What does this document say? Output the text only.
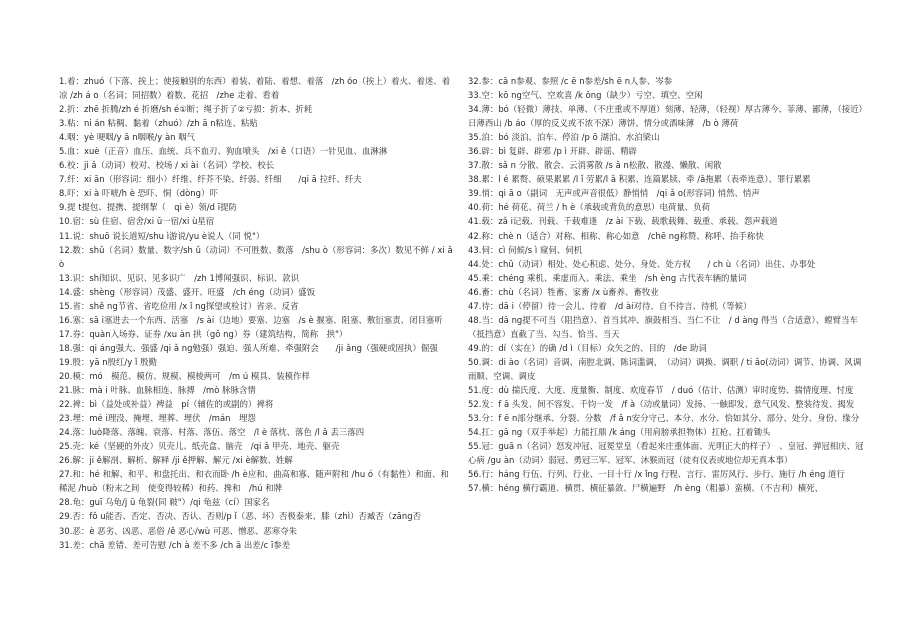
1.着：zhuó（下落、挨上；使接触别的东西）着装、着陆、着想、着落　/zh óo（挨上）着火、着迷、着凉 /zh á o（名词；同招数）着数、花招　/zhe 走着、看着

2.折：zhē 折腾/zh é 折磨/sh é①断；绳子折了②亏损：折本、折耗

3.粘：ni án 粘稠、黏着（zhuó）/zh ā n粘连、粘贴

4.咽：yè 哽咽/y ā n咽喉/y àn 咽气

5.血：xuè（正音）血压、血统、兵不血刃、狗血喷头　/xi ě（口语）一针见血、血淋淋

6.校：ji ǎ（动词）校对、校场 / xi ài（名词）学校、校长

7.纤：xi ān（形容词：细小）纤维、纤芥不染、纤弱、纤细　　/qi ā 拉纤、纤夫

8.吓：xi à 吓唬/h è 恐吓、恫（dòng）吓

9.提 t提包、提携、提纲挈（　qi è）领/d ī提防

10.宿：sù 住宿、宿舍/xi ǔ一宿/xi ù星宿

11.说：shuō 说长道短/shu ì游说/yu è说人（同 悦"）

12.数：shǔ（名词）数量、数字/sh ǔ（动词）不可胜数、数落　/shu ò（形容词：多次）数见不鲜 / xi ǎ ò

13.识：shí知识、见识、见多识广　/zh 1博闻强识、标识、款识

14.盛：shèng（形容词）茂盛、盛开、旺盛　/ch éng（动词）盛饭

15.省：shě ng节省、省吃俭用 /x ǐ ng探望或检讨）省亲、反省

16.塞：sā i塞进去一个东西、活塞　/s ài（边地）要塞、边塞　/s è 揠塞、阻塞、敷衍塞责、闭目塞听

17.券：quàn入场券、证券 /xu àn 拱（gǒ ng）券（建筑结构，简称　拱"）

18.强：qi áng强大、强盛 /qi ǎ ng勉强）强迫、强人所难、牵强附会　　/ji ǎng（强硬或固执）倔强

19.殷：yā n殷红/y ǐ 殷勤

20.模：mó　模范、模仿、规模、模棱两可　/m ú 模具、装模作样

21.脉：mà i 叶脉、血脉相连、脉搏　/mò 脉脉含情

22.裨：bì（益处或补益）裨益　pí（辅佐的或副的）裨将

23.埋：mé i理没、掩埋、埋葬、埋伏　/mán　埋怨

24.落：luò降落、落魄、衰落、村落、落伍、落空　/l è 落枕、落色 /l ǎ 丢三落四

25.壳：ké（坚硬的外皮）贝壳儿、纸壳盒、脑壳　/qi ǎ 甲壳、地壳、躯壳

26.解：ji ě解剖、解析、解释 /ji ě押解、解元 /xi è解数、姓解

27.和：hé 和解、和平、和盘托出、和衣而卧 /h è应和、曲高和寡、随声附和 /hu ó（有黏性）和面、和稀泥 /huò（粉末之间　使变得较稀）和药、搀和　/hú 和牌

28.龟：guī 乌龟/j ū 龟裂(同 皲"）/qi 龟兹（cí）国家名

29.否：fǒ u能否、否定、否决、否认、否则/p ǐ（恶、坏）否极泰来、膝（zhì）否臧否（zāng否

30.恶：è 恶劣、凶恶、恶俗 /ě 恶心/wù 可恶、憎恶、恶寒夺朱

31.差：chā 差错、差可告慰 /ch à 差不多 /ch ā 出差/c ī参差

32.参：cā n参观、参照 /c ē n参差/sh ē n人参、岑参

33.空：kō ng空气、空欢喜 /k ǒng（缺少）亏空、填空、空闲

34.薄：bó（轻微）薄技、单薄、（不庄重或不厚道）刻薄、轻薄，（轻视）厚古薄今、菲薄、鄙薄，（接近）日薄西山 /b áo（厚的反义或不浓不深）薄饼、情分或酒味薄　/b ò 薄荷

35.泊：bó 淡泊、泊车、停泊 /p ō 湖泊、水泊梁山

36.辟：bì 复辟、辟邪 /p ì 开辟、辟谣、精辟

37.散：sǎ n 分散、散会、云消雾散 /s ǎ n松散、散漫、懒散、闲散

38.累：l é 累赘、硕果累累 /l ǐ 劳累/l ǎ 积累、连篇累牍、牵 /ǎ拖累（表牵连意）、罪行累累

39.悄：qi ā o（副词　无声或声音很低）静悄悄　/qi ǎ o(形容词) 悄然、悄声

40.荷：hé 荷花、荷兰 / h è（承载或背负的意思）电荷量、负荷

41.载：zǎ i记载、刊载、千载难逢　/z ài 下载、载歌载舞、载重、承载、怨声载道

42.称：chè n（适合）对称、相称、称心如意　/chē ng称赞、称呼、抬手称快

43.伺：cì 伺候/s ì 窥伺、伺机

44.处：chǔ（动词）相处、处心积虑、处分、身处、处方权　　/ ch ù（名词）出住、办事处

45.乘：chéng 乘机、乘虚而入、乘法、乘坐　/sh èng 古代表车辆的量词

46.畜：chù（名词）牲畜、家畜 /x ù畜养、畜牧业

47.待：dā i（停留）待一会儿、待着　/d ài对待、自不待言、待机（等候）

48.当：dā ng提不可当（阻挡意）、首当其冲、旗鼓相当、当仁不让　/ d àng 得当（合适意）、螳臂当车（抵挡意）直截了当、勾当、恰当、当天

49.的：dí（实在）的确 /d ì（目标）众矢之的、目的　/de 助词

50.调：di ào（名词）音调、南腔北调、陈词滥调，　（动词）调换、调职 / ti ǎo(动词）调节、协调、风调雨顺、空调、调皮

51.度：dù 揣氏度、大度、度量衡、制度、欢度春节　/ duó（估计、估测）审时度势、揣情度理、忖度

52.发：f ā 头发、间不容发、千钧一发　/f à（动或量词）发扬、一触即发、意气风发、整装待发、揭发

53.分：f ē n部分继承、分裂、分数　/f ǎ n安分守己、本分、水分、恰如其分、部分、处分、身份、缘分

54.扛：gā ng（双手举起）力能扛鼎 /k áng（用肩膀承担物体）扛枪、扛着锄头

55.冠：guā n（名词）怒发冲冠、冠冕堂皇（看起来庄重体面、光明正大的样子）　、皇冠、弹冠相庆、冠心病 /gu àn（动词）弱冠、勇冠三军、冠军、沐猴而冠（徒有仪表或地位却无真本事）

56.行：háng 行伍、行列、行业、一目十行 /x ǐng 行程、言行、雷厉风行、步行、施行 /h éng 道行

57.横：héng 横行霸道、横贯、横征暴敛、尸横遍野　/h èng（粗暴）蛮横、（不吉利）横死、
